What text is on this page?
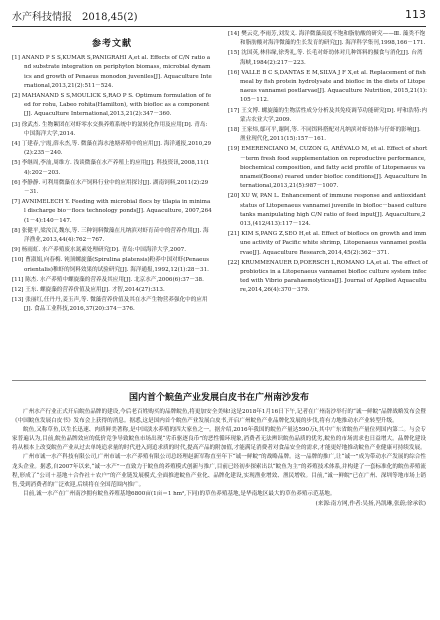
水产科技情报　2018,45(2)	113
参考文献
[1] ANAND P S S,KUMAR S,PANIGRAHI A,et al. Effects of C/N ratio and substrate integration on periphyton biomass, microbial dynamics and growth of Penaeus monodon juveniles[J]. Aquaculture International,2013,21(2):511－524.
[2] MAHANAND S S,MOULICK S,RAO P S. Optimum formulation of feed for rohu, Labeo rohita(Hamilton), with biofloc as a component[J]. Aquaculture International,2013,21(2):347－360.
[3] 徐武杰. 生物絮团在对虾零水交换养殖系统中的氮转化作用及应用[D]. 青岛:中国海洋大学,2014.
[4] 丁建春,宁霞,薛永杰,等. 微藻在海水池塘养殖中的应用[J]. 海洋通报,2010,29(2):235－240.
[5] 李继周,李汕,周维方. 浅谈微藻在水产养殖上的应用[J]. 科技资讯,2008,11(14):202－203.
[6] 李静静. 可利用微藻在水产饲料行业中的应用探讨[J]. 湖南饲料,2011(2):29－31.
[7] AVNIMELECH Y. Feeding with microbial flocs by tilapia in minimal discharge bio－flocs technology ponds[J]. Aquaculture, 2007,264(1－4):140－147.
[8] 张健平,梁汝汉,魏东,等. 三种饲料微藻在凡纳滨对虾育苗中的营养作用[J]. 海洋渔业,2013,44(4):762－767.
[9] 杨雨虹. 水产养殖废水氮素处理研究[D]. 青岛:中国海洋大学,2007.
[10] 曹淑娟,向春梅. 钝顶螺旋藻(Spirulina platensis)粉养中国对虾(Penaeus orientalis)稚虾的饲料效果的试验研究[J]. 海洋通报,1992,12(1):28－31.
[11] 陈杰. 水产养殖中螺旋藻的营养及其应用[J]. 北京水产,2006(6):37－38.
[12] 王东. 螺旋藻的营养价值及应用[J]. 才智,2014(27):313.
[13] 张丽红,任丹丹,姜玉声,等. 微藻营养价值及其在水产生物营养强化中的应用[J]. 食品工业科技,2016,37(20):374－376.
[14] 樊云竞,李雨芳,刘发义. 海洋微藻高度不饱和脂肪酸的研究——Ⅲ. 藻类不饱和脂肪酸对海洋微藻的生长发育的研究[J]. 海洋科学集刊,1998,166－171.
[15] 沈国英,林伟缘,徐秀礼,等. 长毛对虾幼体对几种饵料的摄食与消化[J]. 台湾海峡,1984(2):217－223.
[16] VALLE B C S,DANTAS E M,SILVA J F X,et al. Replacement of fishmeal by fish protein hydrolysate and biofloc in the diets of Litopenaeus vannamei postlarvae[J]. Aquaculture Nutrition, 2015,21(1):105－112.
[17] 王文博. 螺旋藻的生物活性成分分析及其免疫调节功能研究[D]. 呼和浩特:内蒙古农业大学,2009.
[18] 王家炜,鄢可平,谢阿,等. 不同饵料搭配对凡纳滨对虾幼体与仔虾的影响[J]. 渔业现代化,2011(15):157－161.
[19] EMERENCIANO M, CUZON G, ARÉVALO M, et al. Effect of short－term fresh food supplementation on reproductive performance, biochemical composition, and fatty acid profile of Litopenaeus vannamei(Boone) reared under biofloc conditions[J]. Aquaculture International,2013,21(5):987－1007.
[20] XU W, PAN L. Enhancement of immune response and antioxidant status of Litopenaeus vannamei juvenile in biofloc－based culture tanks manipulating high C/N ratio of feed input[J]. Aquaculture,2013,(412/413):117－124.
[21] KIM S,PANG Z,SEO H,et al. Effect of bioflocs on growth and immune activity of Pacific white shrimp, Litopenaeus vannamei postlarvae[J]. Aquaculture Research,2014,45(2):362－371.
[22] KRUMMENAUER D,POERSCH L,ROMANO LA,et al. The effect of probiotics in a Litopenaeus vannamei biofloc culture system infected with Vibrio parahaemolyticus[J]. Journal of Applied Aquaculture,2014,26(4):370－379.
国内首个鲩鱼产业发展白皮书在广州南沙发布

广州水产行业正式开启鲩鱼品牌的建设,今后老百姓购买的品牌鲩鱼,将更加安全美味!这是2018年1月16日下午,记者在广州南沙举行的“诚一鲜鲩”品牌战略发布会暨《中国鲩鱼发展白皮书》发布会上获得的消息。据悉,这是国内首个鲩鱼产业发展白皮书,开启广州鲩鱼产业品牌化发展的步伐,将有力地推动水产业转型升级。

鲩鱼,又称草鱼,以生长迅速、肉质鲜美著称,是中国淡水养殖的四大家鱼之一。据介绍,2016年我国的鲩鱼产量达590万t,其中广东省鲩鱼产量位列国内第二。与会专家普遍认为,目前,鲩鱼品牌效应的低价竞争导致鲩鱼市场出现“劣币驱逐良币”的恶性循环现象,消费者无法辨识鲩鱼品质的优劣,鲩鱼的市场需求也日益增大。品牌化建设将从根本上改变鲩鱼产业从过去单纯追求量的时代进入到追求质的时代,提高产品的附加值,才能满足消费者对食品安全的需求,才能更好地推动鲩鱼产业健康可持续发展。

广州市诚一水产科技有限公司,广州市诚一水产养殖有限公司总经理赵新军称直至年下“诚一鲜鲩”的战略品牌。这一品牌的推广,让“诚一”成为带动水产发展的综合性龙头企业。据悉,自2007年以来,“诚一水产”一直致力于鲩鱼的养殖模式创新与推广,目前已经初步探索出以“鲩鱼为主”的养殖技术体系,并构建了一套标准化的鲩鱼养殖流程,形成了“公司＋基地＋合作社＋农户”的产业链发展模式,全面推进鲩鱼产业化、品牌化建设,实现渔业增效、渔民增收。目前,“诚一鲜鲩”已在广州、深圳等地市场上销售,受到消费者的广泛欢迎,后续将在全国范围内推广。

目前,诚一水产在广州南沙拥有鲩鱼养殖基地6800亩(1亩＝1 hm²,下同)的草鱼养殖基地,是华南地区最大的草鱼养殖示范基地。

(来源:南方网,作者:吴扬,冯凯琳,张蔚;徐承钦)
